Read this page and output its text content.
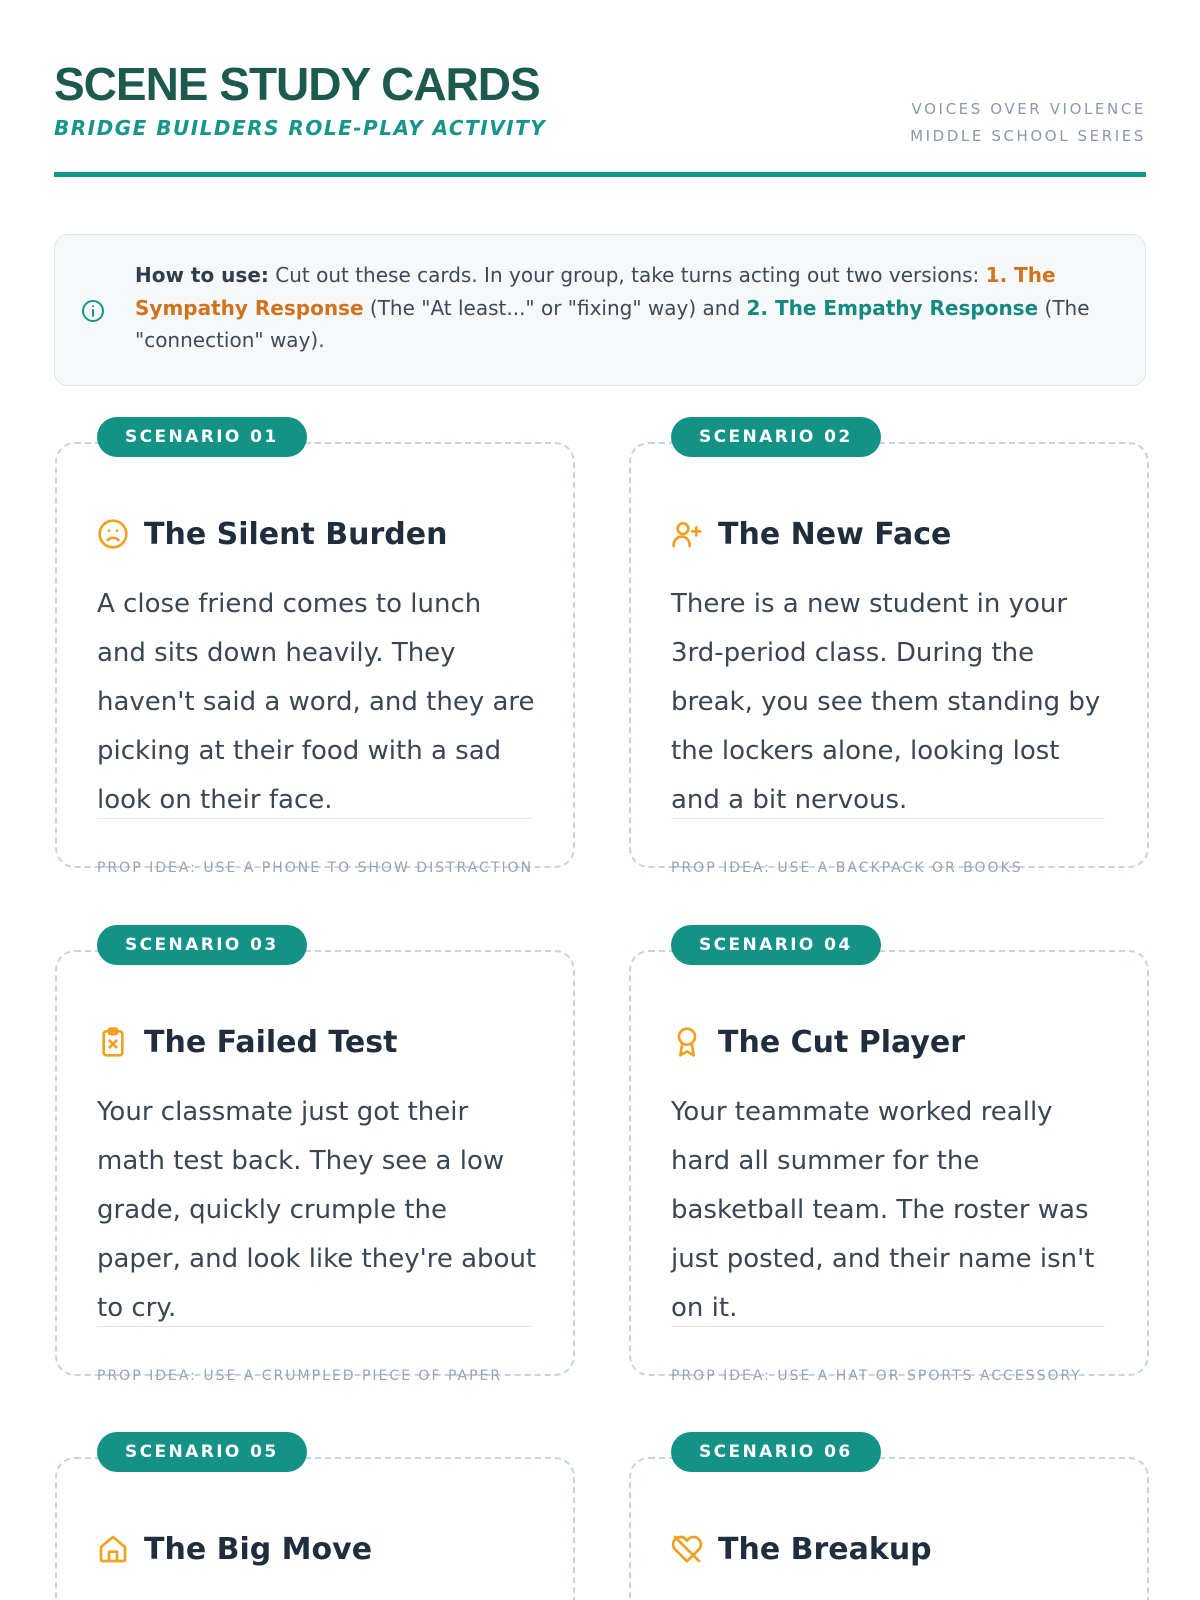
SCENE STUDY CARDS
BRIDGE BUILDERS ROLE-PLAY ACTIVITY
VOICES OVER VIOLENCE
MIDDLE SCHOOL SERIES
How to use: Cut out these cards. In your group, take turns acting out two versions: 1. The Sympathy Response (The "At least..." or "fixing" way) and 2. The Empathy Response (The "connection" way).
SCENARIO 01
The Silent Burden
A close friend comes to lunch and sits down heavily. They haven't said a word, and they are picking at their food with a sad look on their face.
PROP IDEA: USE A PHONE TO SHOW DISTRACTION
SCENARIO 02
The New Face
There is a new student in your 3rd-period class. During the break, you see them standing by the lockers alone, looking lost and a bit nervous.
PROP IDEA: USE A BACKPACK OR BOOKS
SCENARIO 03
The Failed Test
Your classmate just got their math test back. They see a low grade, quickly crumple the paper, and look like they're about to cry.
PROP IDEA: USE A CRUMPLED PIECE OF PAPER
SCENARIO 04
The Cut Player
Your teammate worked really hard all summer for the basketball team. The roster was just posted, and their name isn't on it.
PROP IDEA: USE A HAT OR SPORTS ACCESSORY
SCENARIO 05
The Big Move
SCENARIO 06
The Breakup
